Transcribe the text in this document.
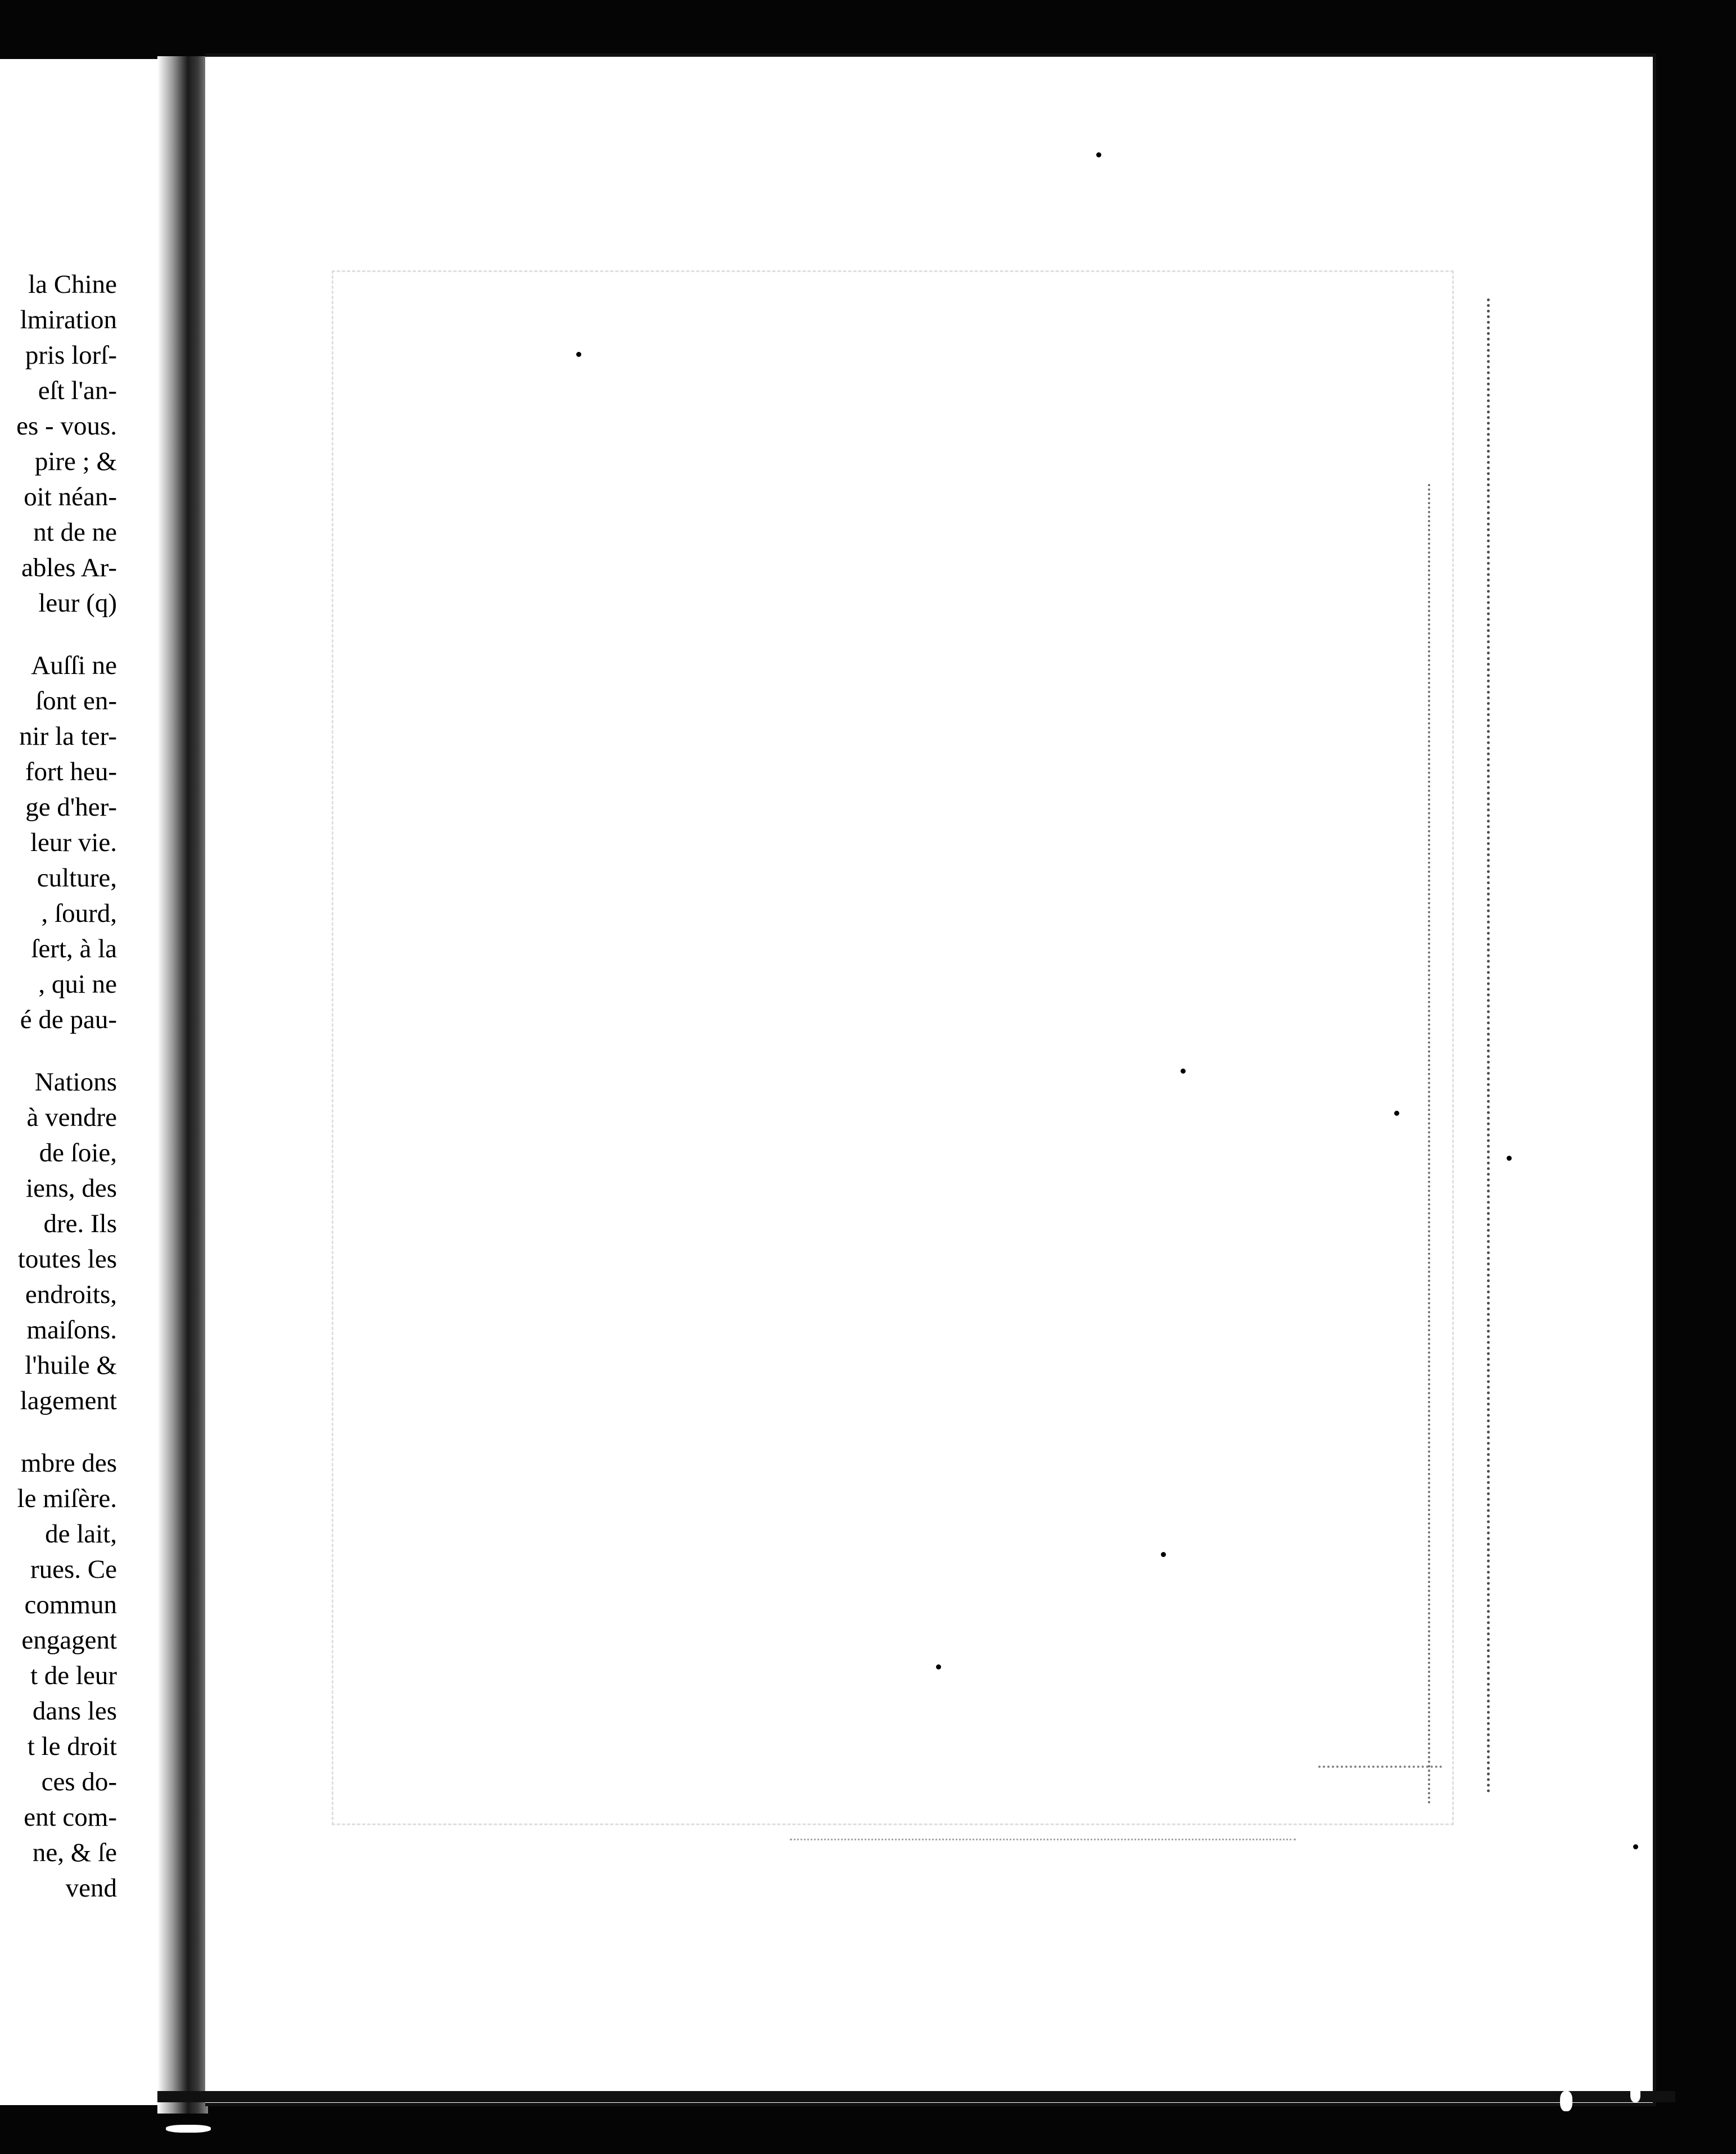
la Chine
lmiration
pris lorſ-
eſt l'an-
es - vous.
pire ; &
oit néan-
nt de ne
ables Ar-
leur (q)
Auſſi ne
ſont en-
nir la ter-
fort heu-
ge d'her-
leur vie.
culture,
, ſourd,
ſert, à la
, qui ne
é de pau-
Nations
à vendre
de ſoie,
iens, des
dre. Ils
toutes les
endroits,
maiſons.
l'huile &
lagement
mbre des
le miſère.
de lait,
rues. Ce
commun
engagent
t de leur
dans les
t le droit
ces do-
ent com-
ne, & ſe
vend
